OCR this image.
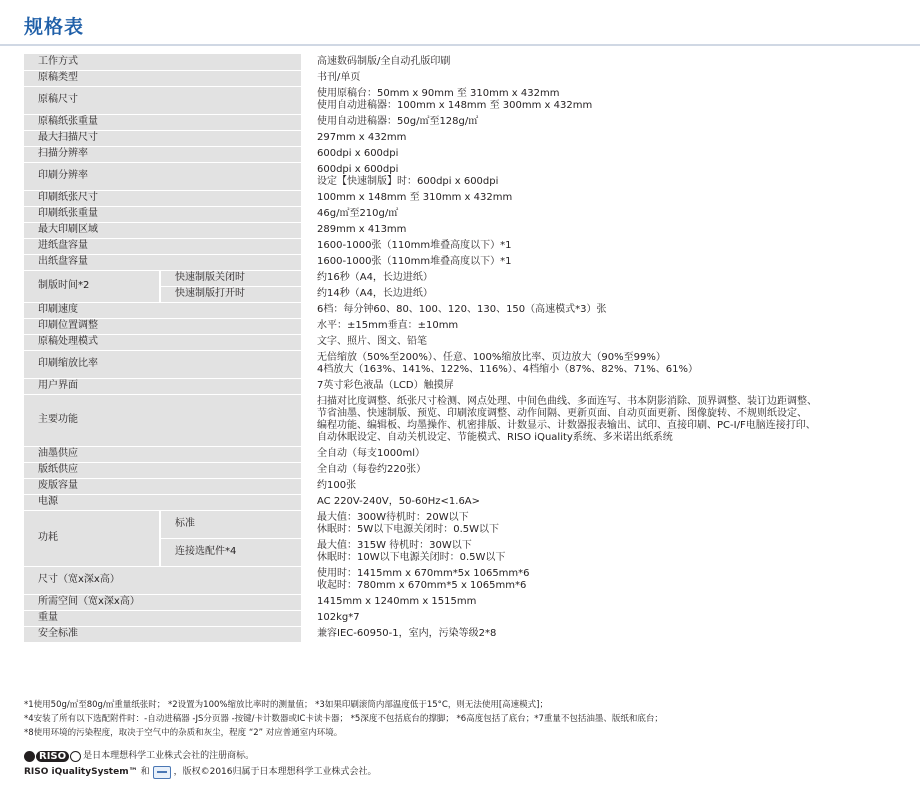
规格表
工作方式		高速数码制版/全自动孔版印刷

原稿类型		书刊/单页

原稿尺寸		使用原稿台：50mm x 90mm 至 310mm x 432mm
使用自动进稿器：100mm x 148mm 至 300mm x 432mm

原稿纸张重量		使用自动进稿器：50g/㎡至128g/㎡

最大扫描尺寸		297mm x 432mm

扫描分辨率		600dpi x 600dpi

印刷分辨率		600dpi x 600dpi
设定【快速制版】时：600dpi x 600dpi

印刷纸张尺寸		100mm x 148mm 至 310mm x 432mm

印刷纸张重量		46g/㎡至210g/㎡

最大印刷区域		289mm x 413mm

进纸盘容量		1600-1000张（110mm堆叠高度以下）*1

出纸盘容量		1600-1000张（110mm堆叠高度以下）*1

制版时间*2	快速制版关闭时	约16秒（A4，长边进纸）
	快速制版打开时	约14秒（A4，长边进纸）
印刷速度		6档：每分钟60、80、100、120、130、150（高速模式*3）张

印刷位置调整		水平：±15mm垂直：±10mm

原稿处理模式		文字、照片、图文、铅笔

印刷缩放比率		无倍缩放（50%至200%）、任意、100%缩放比率、页边放大（90%至99%）
4档放大（163%、141%、122%、116%）、4档缩小（87%、82%、71%、61%）

用户界面		7英寸彩色液晶（LCD）触摸屏

主要功能		扫描对比度调整、纸张尺寸检测、网点处理、中间色曲线、多面连写、书本阴影消除、顶界调整、装订边距调整、
节省油墨、快速制版、预览、印刷浓度调整、动作间隔、更新页面、自动页面更新、图像旋转、不规则纸设定、
编程功能、编辑板、均墨操作、机密排版、计数显示、计数器报表输出、试印、直接印刷、PC-I/F电脑连接打印、
自动休眠设定、自动关机设定、节能模式、RISO iQuality系统、多米诺出纸系统

油墨供应		全自动（每支1000ml）

版纸供应		全自动（每卷约220张）

废版容量		约100张

电源		AC 220V-240V，50-60Hz<1.6A>

功耗	标准	最大值：300W待机时：20W以下
休眠时：5W以下电源关闭时：0.5W以下

	连接选配件*4	最大值：315W 待机时：30W以下
休眠时：10W以下电源关闭时：0.5W以下

尺寸（宽x深x高）		使用时：1415mm x 670mm*5x 1065mm*6
收起时：780mm x 670mm*5 x 1065mm*6

所需空间（宽x深x高）		1415mm x 1240mm x 1515mm

重量		102kg*7

安全标准		兼容IEC-60950-1，室内，污染等级2*8
*1使用50g/㎡至80g/㎡重量纸张时； *2设置为100%缩放比率时的测量值； *3如果印刷滚筒内部温度低于15°C，则无法使用[高速模式]；
*4安装了所有以下选配附件时：-自动进稿器 -JS分页器 -按键/卡计数器或IC卡读卡器； *5深度不包括底台的撑脚； *6高度包括了底台；*7重量不包括油墨、版纸和底台；
*8使用环境的污染程度，取决于空气中的杂质和灰尘，程度 “2” 对应普通室内环境。
RISO	是日本理想科学工业株式会社的注册商标。
RISO iQualitySystem™ 和	，版权©2016归属于日本理想科学工业株式会社。
